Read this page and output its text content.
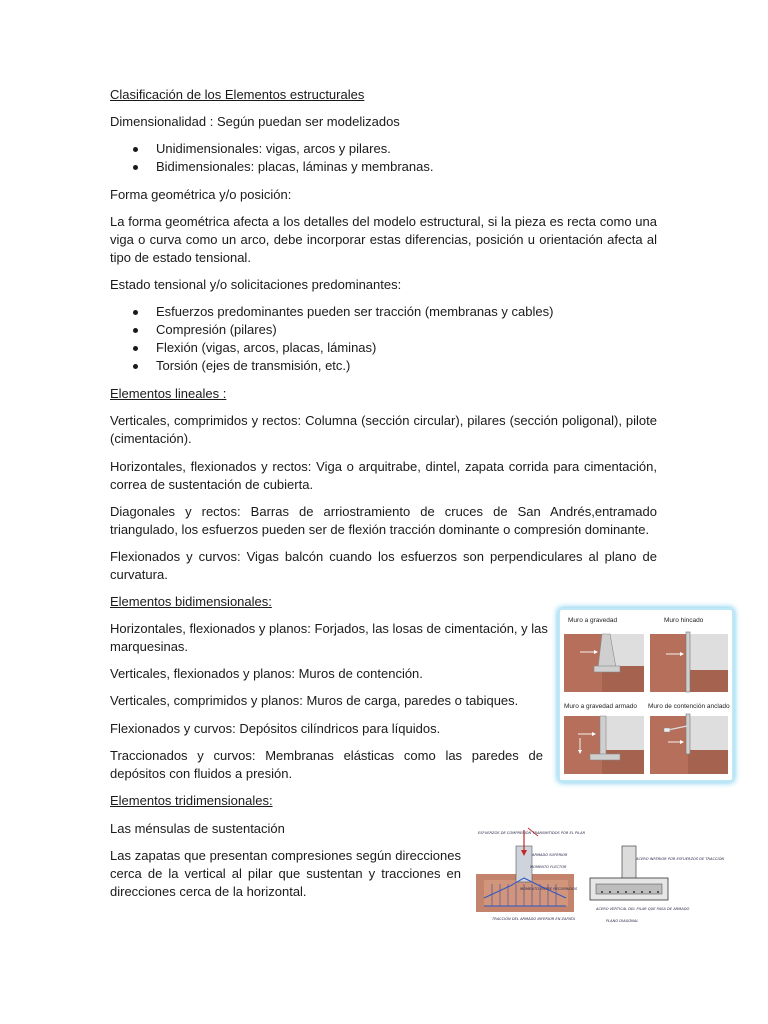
Clasificación de los Elementos estructurales

Dimensionalidad : Según puedan ser modelizados

Unidimensionales: vigas, arcos y pilares.
Bidimensionales: placas, láminas y membranas.

Forma geométrica y/o posición:

La forma geométrica afecta a los detalles del modelo estructural, si la pieza es recta como una
viga o curva como un arco, debe incorporar estas diferencias, posición u orientación afecta al
tipo de estado tensional.

Estado tensional y/o solicitaciones predominantes:

Esfuerzos predominantes pueden ser tracción (membranas y cables)
Compresión (pilares)
Flexión (vigas, arcos, placas, láminas)
Torsión (ejes de transmisión, etc.)

Elementos lineales :

Verticales, comprimidos y rectos: Columna (sección circular), pilares (sección poligonal), pilote
(cimentación).
Horizontales, flexionados y rectos: Viga o arquitrabe, dintel, zapata corrida para cimentación,
correa de sustentación de cubierta.
Diagonales y rectos: Barras de arriostramiento de cruces de San Andrés,entramado
triangulado, los esfuerzos pueden ser de flexión tracción dominante o compresión dominante.
Flexionados y curvos: Vigas balcón cuando los esfuerzos son perpendiculares al plano de
curvatura.

Elementos bidimensionales:

Horizontales, flexionados y planos: Forjados, las losas de cimentación, y las
marquesinas.

Verticales, flexionados y planos: Muros de contención.

Verticales, comprimidos y planos: Muros de carga, paredes o tabiques.

Flexionados y curvos: Depósitos cilíndricos para líquidos.

Traccionados y curvos: Membranas elásticas como las paredes de
depósitos con fluidos a presión.

Elementos tridimensionales:

Las ménsulas de sustentación

Las zapatas que presentan compresiones según direcciones
cerca de la vertical al pilar que sustentan y tracciones en
direcciones cerca de la horizontal.
Muro a gravedad	Muro hincado
Muro a gravedad armado Muro de contención anclado
ESFUERZOS DE COMPRESIÓN TRANSMITIDOS POR EL PILAR
ARMADO SUPERIOR
MOMENTO FLECTOR
MOMENTO ENTRE RECORRIDOS
TRACCIÓN DEL ARMADO INFERIOR EN ZAPATA
ACERO INFERIOR POR ESFUERZOS DE TRACCIÓN
ACERO VERTICAL DEL PILAR QUE PASA DE ARMADO
PLANO DIAGONAL
